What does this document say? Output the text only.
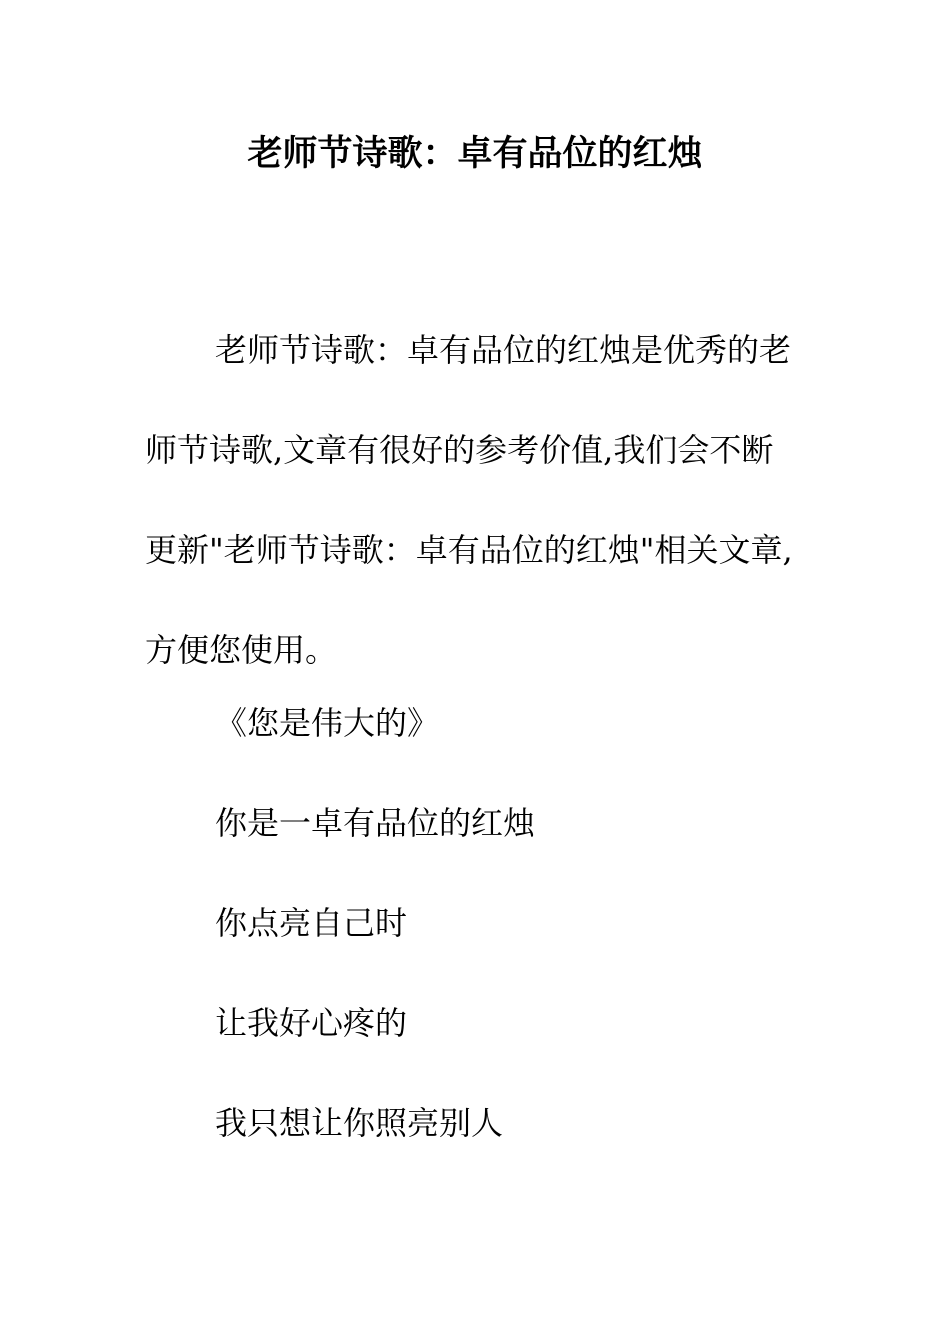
老师节诗歌：卓有品位的红烛

老师节诗歌：卓有品位的红烛是优秀的老师节诗歌,文章有很好的参考价值,我们会不断更新"老师节诗歌：卓有品位的红烛"相关文章,方便您使用。

《您是伟大的》

你是一卓有品位的红烛

你点亮自己时

让我好心疼的

我只想让你照亮别人
